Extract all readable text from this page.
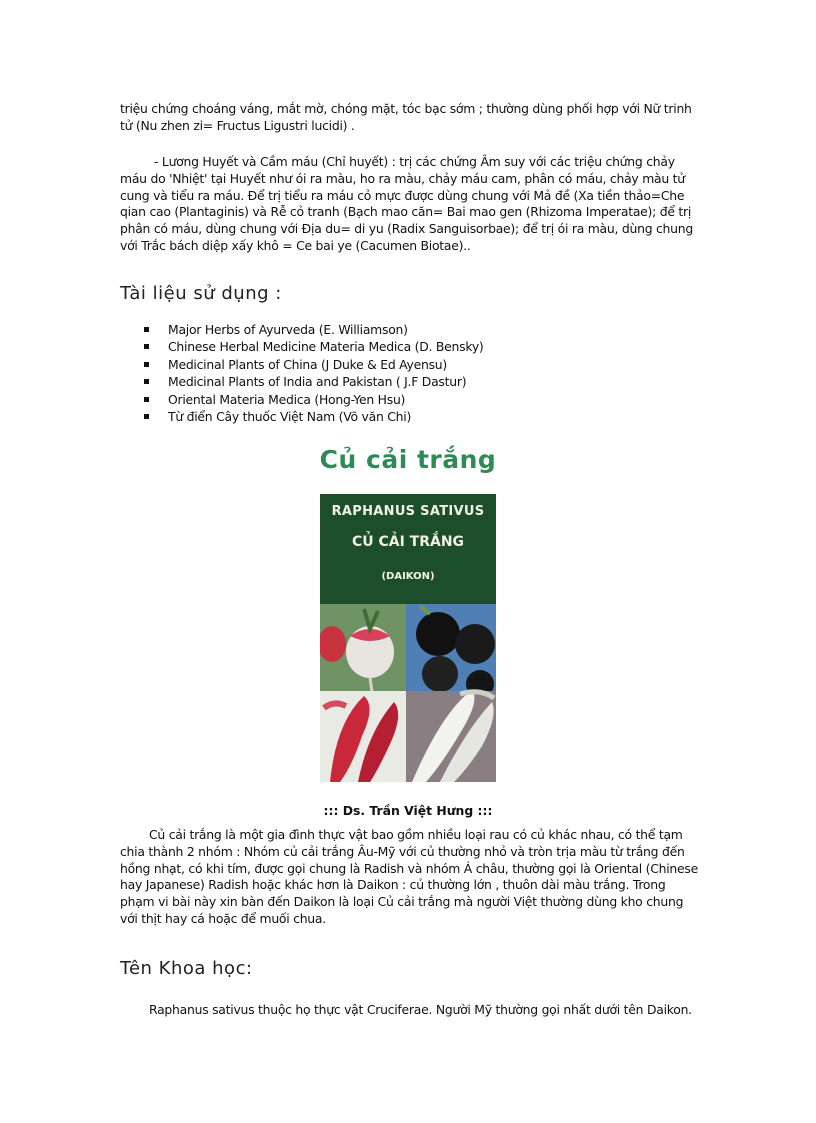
triệu chứng choáng váng, mắt mờ, chóng mặt, tóc bạc sớm ; thường dùng phối hợp với Nữ trinh
tử (Nu zhen zi= Fructus Ligustri lucidi) .

- Lương Huyết và Cầm máu (Chỉ huyết) : trị các chứng Âm suy với các triệu chứng chảy
máu do 'Nhiệt' tại Huyết như ói ra màu, ho ra màu, chảy máu cam, phân có máu, chảy màu tử
cung và tiểu ra máu. Để trị tiểu ra máu cỏ mực được dùng chung với Mả đề (Xa tiền thảo=Che
qian cao (Plantaginis) và Rễ cỏ tranh (Bạch mao căn= Bai mao gen (Rhizoma Imperatae); để trị
phân có máu, dùng chung với Địa du= di yu (Radix Sanguisorbae); để trị ói ra màu, dùng chung
với Trắc bách diệp xấy khô = Ce bai ye (Cacumen Biotae)..

Tài liệu sử dụng :
Major Herbs of Ayurveda (E. Williamson)
Chinese Herbal Medicine Materia Medica (D. Bensky)
Medicinal Plants of China (J Duke & Ed Ayensu)
Medicinal Plants of India and Pakistan ( J.F Dastur)
Oriental Materia Medica (Hong-Yen Hsu)
Từ điển Cây thuốc Việt Nam (Võ văn Chi)
Củ cải trắng
RAPHANUS SATIVUS
CỦ CẢI TRẮNG
(DAIKON)
::: Ds. Trần Việt Hưng :::

Củ cải trắng là một gia đình thực vật bao gồm nhiều loại rau có củ khác nhau, có thể tạm
chia thành 2 nhóm : Nhóm củ cải trắng Âu-Mỹ với củ thường nhỏ và tròn trịa màu từ trắng đến
hồng nhạt, có khi tím, được gọi chung là Radish và nhóm Á châu, thường gọi là Oriental (Chinese
hay Japanese) Radish hoặc khác hơn là Daikon : củ thường lớn , thuôn dài màu trắng. Trong
phạm vi bài này xin bàn đến Daikon là loại Củ cải trắng mà người Việt thường dùng kho chung
với thịt hay cá hoặc để muối chua.

Tên Khoa học:

Raphanus sativus thuộc họ thực vật Cruciferae. Người Mỹ thường gọi nhất dưới tên Daikon.
